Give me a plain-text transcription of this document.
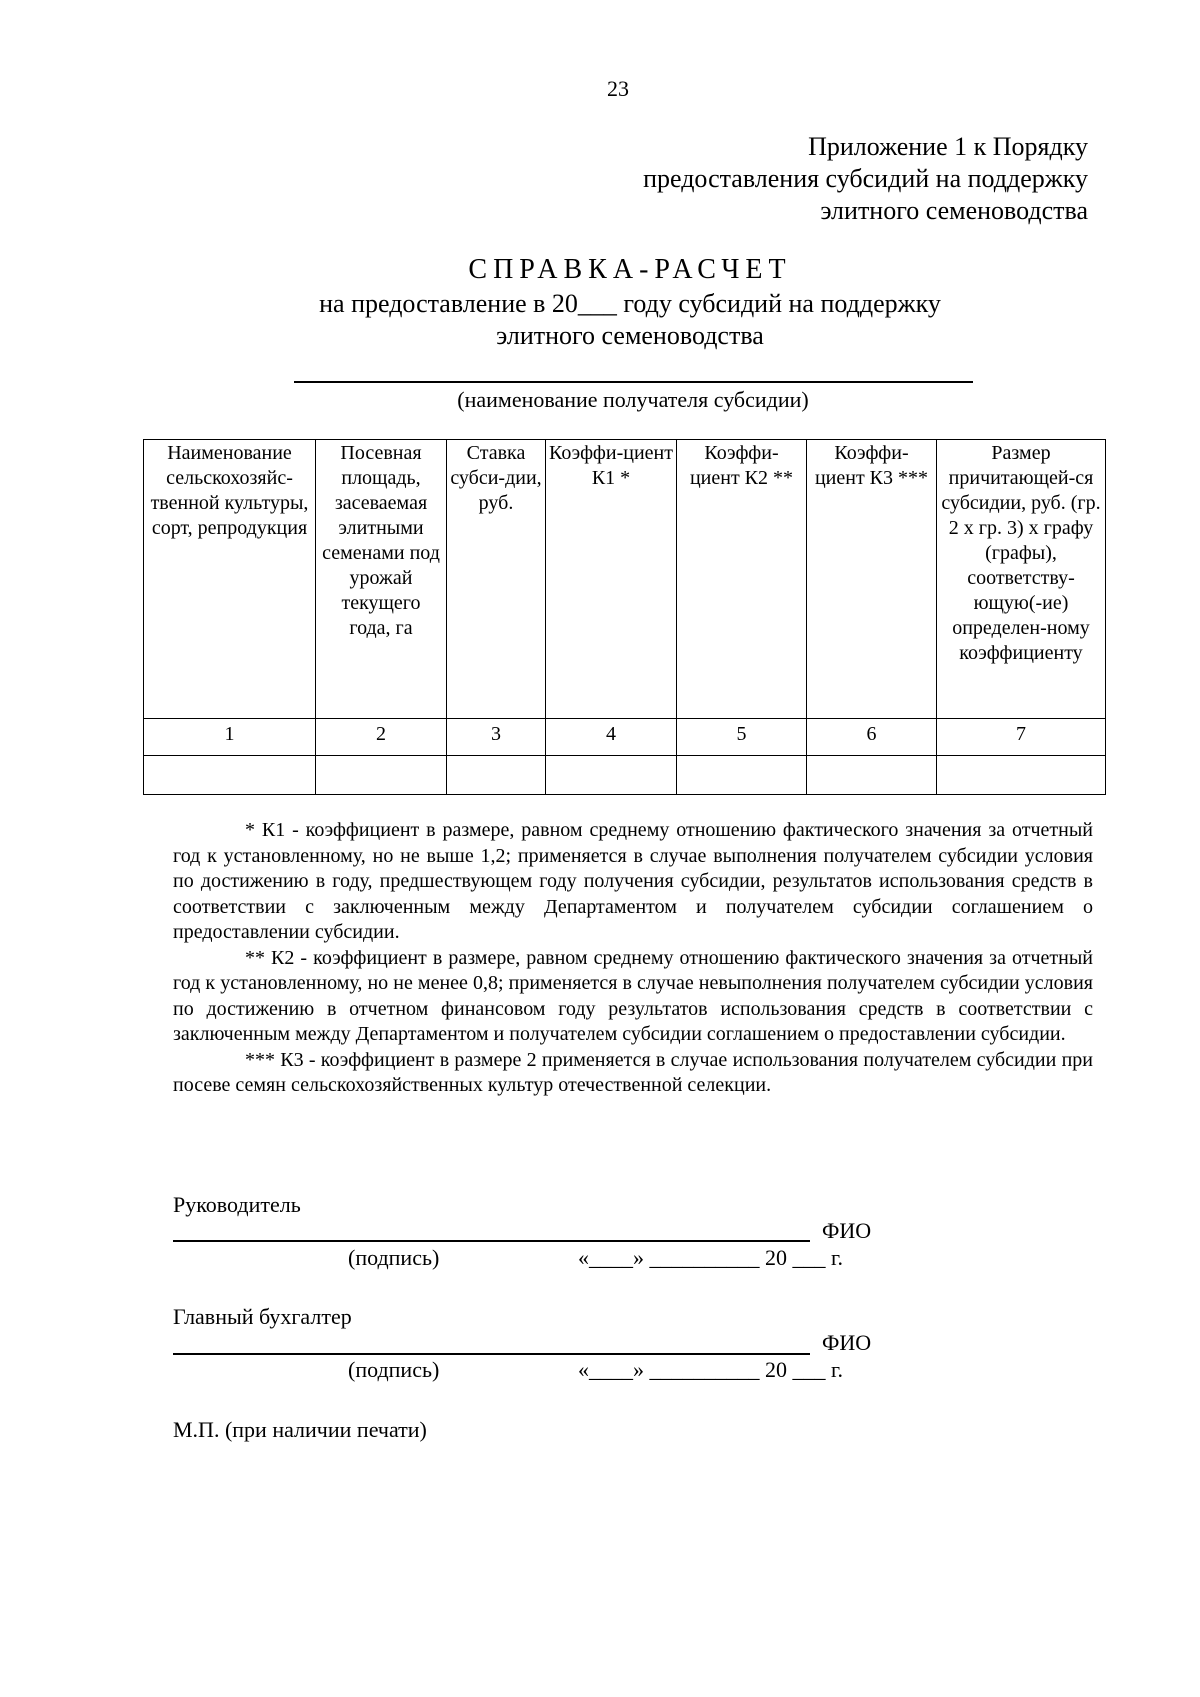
23
Приложение 1 к Порядку
предоставления субсидий на поддержку
элитного семеноводства
СПРАВКА-РАСЧЕТ
на предоставление в 20___ году субсидий на поддержку
элитного семеноводства
(наименование получателя субсидии)
Наименование сельскохозяйс-твенной культуры, сорт, репродукция	Посевная площадь, засеваемая элитными семенами под урожай текущего года, га	Ставка субси-дии, руб.	Коэффи-циент К1 *	Коэффи-циент К2 **	Коэффи-циент К3 ***	Размер причитающей-ся субсидии, руб. (гр. 2 х гр. 3) х графу (графы), соответству-ющую(-ие) определен-ному коэффициенту
1	2	3	4	5	6	7

* К1 - коэффициент в размере, равном среднему отношению фактического значения за отчетный год к установленному, но не выше 1,2; применяется в случае выполнения получателем субсидии условия по достижению в году, предшествующем году получения субсидии, результатов использования средств в соответствии с заключенным между Департаментом и получателем субсидии соглашением о предоставлении субсидии.

** К2 - коэффициент в размере, равном среднему отношению фактического значения за отчетный год к установленному, но не менее 0,8; применяется в случае невыполнения получателем субсидии условия по достижению в отчетном финансовом году результатов использования средств в соответствии с заключенным между Департаментом и получателем субсидии соглашением о предоставлении субсидии.

*** К3 - коэффициент в размере 2 применяется в случае использования получателем субсидии при посеве семян сельскохозяйственных культур отечественной селекции.

Руководитель
ФИО
(подпись)	«____» __________ 20 ___ г.
Главный бухгалтер
ФИО
(подпись)	«____» __________ 20 ___ г.
М.П. (при наличии печати)
